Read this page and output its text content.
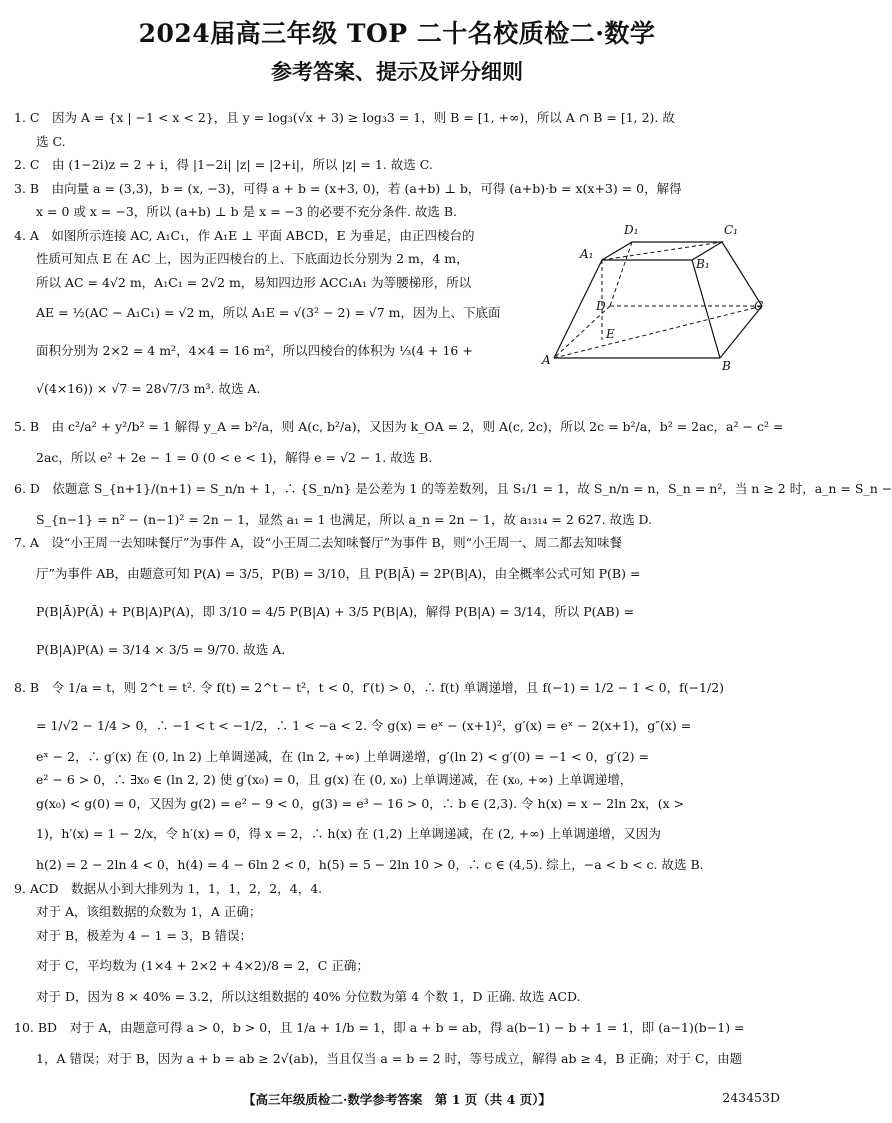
2024届高三年级 TOP 二十名校质检二·数学
参考答案、提示及评分细则
1. C　因为 A = {x | −1 < x < 2}，且 y = log₃(√x + 3) ≥ log₃3 = 1，则 B = [1, +∞)，所以 A ∩ B = [1, 2). 故
选 C.
2. C　由 (1−2i)z = 2 + i，得 |1−2i| |z| = |2+i|，所以 |z| = 1. 故选 C.
3. B　由向量 a = (3,3)，b = (x, −3)，可得 a + b = (x+3, 0)，若 (a+b) ⊥ b，可得 (a+b)·b = x(x+3) = 0，解得
x = 0 或 x = −3，所以 (a+b) ⊥ b 是 x = −3 的必要不充分条件. 故选 B.
4. A　如图所示连接 AC, A₁C₁，作 A₁E ⊥ 平面 ABCD，E 为垂足，由正四棱台的
性质可知点 E 在 AC 上，因为正四棱台的上、下底面边长分别为 2 m，4 m，
所以 AC = 4√2 m，A₁C₁ = 2√2 m，易知四边形 ACC₁A₁ 为等腰梯形，所以
AE = ½(AC − A₁C₁) = √2 m，所以 A₁E = √(3² − 2) = √7 m，因为上、下底面
面积分别为 2×2 = 4 m²，4×4 = 16 m²，所以四棱台的体积为 ⅓(4 + 16 +
√(4×16)) × √7 = 28√7/3 m³. 故选 A.
D₁	C₁
A₁
B₁
D	C
E
A	B
5. B　由 c²/a² + y²/b² = 1 解得 y_A = b²/a，则 A(c, b²/a)，又因为 k_OA = 2，则 A(c, 2c)，所以 2c = b²/a，b² = 2ac，a² − c² =
2ac，所以 e² + 2e − 1 = 0 (0 < e < 1)，解得 e = √2 − 1. 故选 B.
6. D　依题意 S_{n+1}/(n+1) = S_n/n + 1，∴ {S_n/n} 是公差为 1 的等差数列，且 S₁/1 = 1，故 S_n/n = n，S_n = n²，当 n ≥ 2 时，a_n = S_n −
S_{n−1} = n² − (n−1)² = 2n − 1，显然 a₁ = 1 也满足，所以 a_n = 2n − 1，故 a₁₃₁₄ = 2 627. 故选 D.
7. A　设“小王周一去知味餐厅”为事件 A，设“小王周二去知味餐厅”为事件 B，则“小王周一、周二都去知味餐
厅”为事件 AB，由题意可知 P(A) = 3/5，P(B) = 3/10，且 P(B|Ā) = 2P(B|A)，由全概率公式可知 P(B) =
P(B|Ā)P(Ā) + P(B|A)P(A)，即 3/10 = 4/5 P(B|A) + 3/5 P(B|A)，解得 P(B|A) = 3/14，所以 P(AB) =
P(B|A)P(A) = 3/14 × 3/5 = 9/70. 故选 A.
8. B　令 1/a = t，则 2^t = t². 令 f(t) = 2^t − t²，t < 0，f′(t) > 0，∴ f(t) 单调递增，且 f(−1) = 1/2 − 1 < 0，f(−1/2)
= 1/√2 − 1/4 > 0，∴ −1 < t < −1/2，∴ 1 < −a < 2. 令 g(x) = eˣ − (x+1)²，g′(x) = eˣ − 2(x+1)，g″(x) =
eˣ − 2，∴ g′(x) 在 (0, ln 2) 上单调递减，在 (ln 2, +∞) 上单调递增，g′(ln 2) < g′(0) = −1 < 0，g′(2) =
e² − 6 > 0，∴ ∃x₀ ∈ (ln 2, 2) 使 g′(x₀) = 0，且 g(x) 在 (0, x₀) 上单调递减，在 (x₀, +∞) 上单调递增，
g(x₀) < g(0) = 0，又因为 g(2) = e² − 9 < 0，g(3) = e³ − 16 > 0，∴ b ∈ (2,3). 令 h(x) = x − 2ln 2x，(x >
1)，h′(x) = 1 − 2/x，令 h′(x) = 0，得 x = 2，∴ h(x) 在 (1,2) 上单调递减，在 (2, +∞) 上单调递增，又因为
h(2) = 2 − 2ln 4 < 0，h(4) = 4 − 6ln 2 < 0，h(5) = 5 − 2ln 10 > 0，∴ c ∈ (4,5). 综上，−a < b < c. 故选 B.
9. ACD　数据从小到大排列为 1，1，1，2，2，4，4.
对于 A，该组数据的众数为 1，A 正确；
对于 B，极差为 4 − 1 = 3，B 错误；
对于 C，平均数为 (1×4 + 2×2 + 4×2)/8 = 2，C 正确；
对于 D，因为 8 × 40% = 3.2，所以这组数据的 40% 分位数为第 4 个数 1，D 正确. 故选 ACD.
10. BD　对于 A，由题意可得 a > 0，b > 0，且 1/a + 1/b = 1，即 a + b = ab，得 a(b−1) − b + 1 = 1，即 (a−1)(b−1) =
1，A 错误；对于 B，因为 a + b = ab ≥ 2√(ab)，当且仅当 a = b = 2 时，等号成立，解得 ab ≥ 4，B 正确；对于 C，由题
【高三年级质检二·数学参考答案　第 1 页（共 4 页）】	243453D
